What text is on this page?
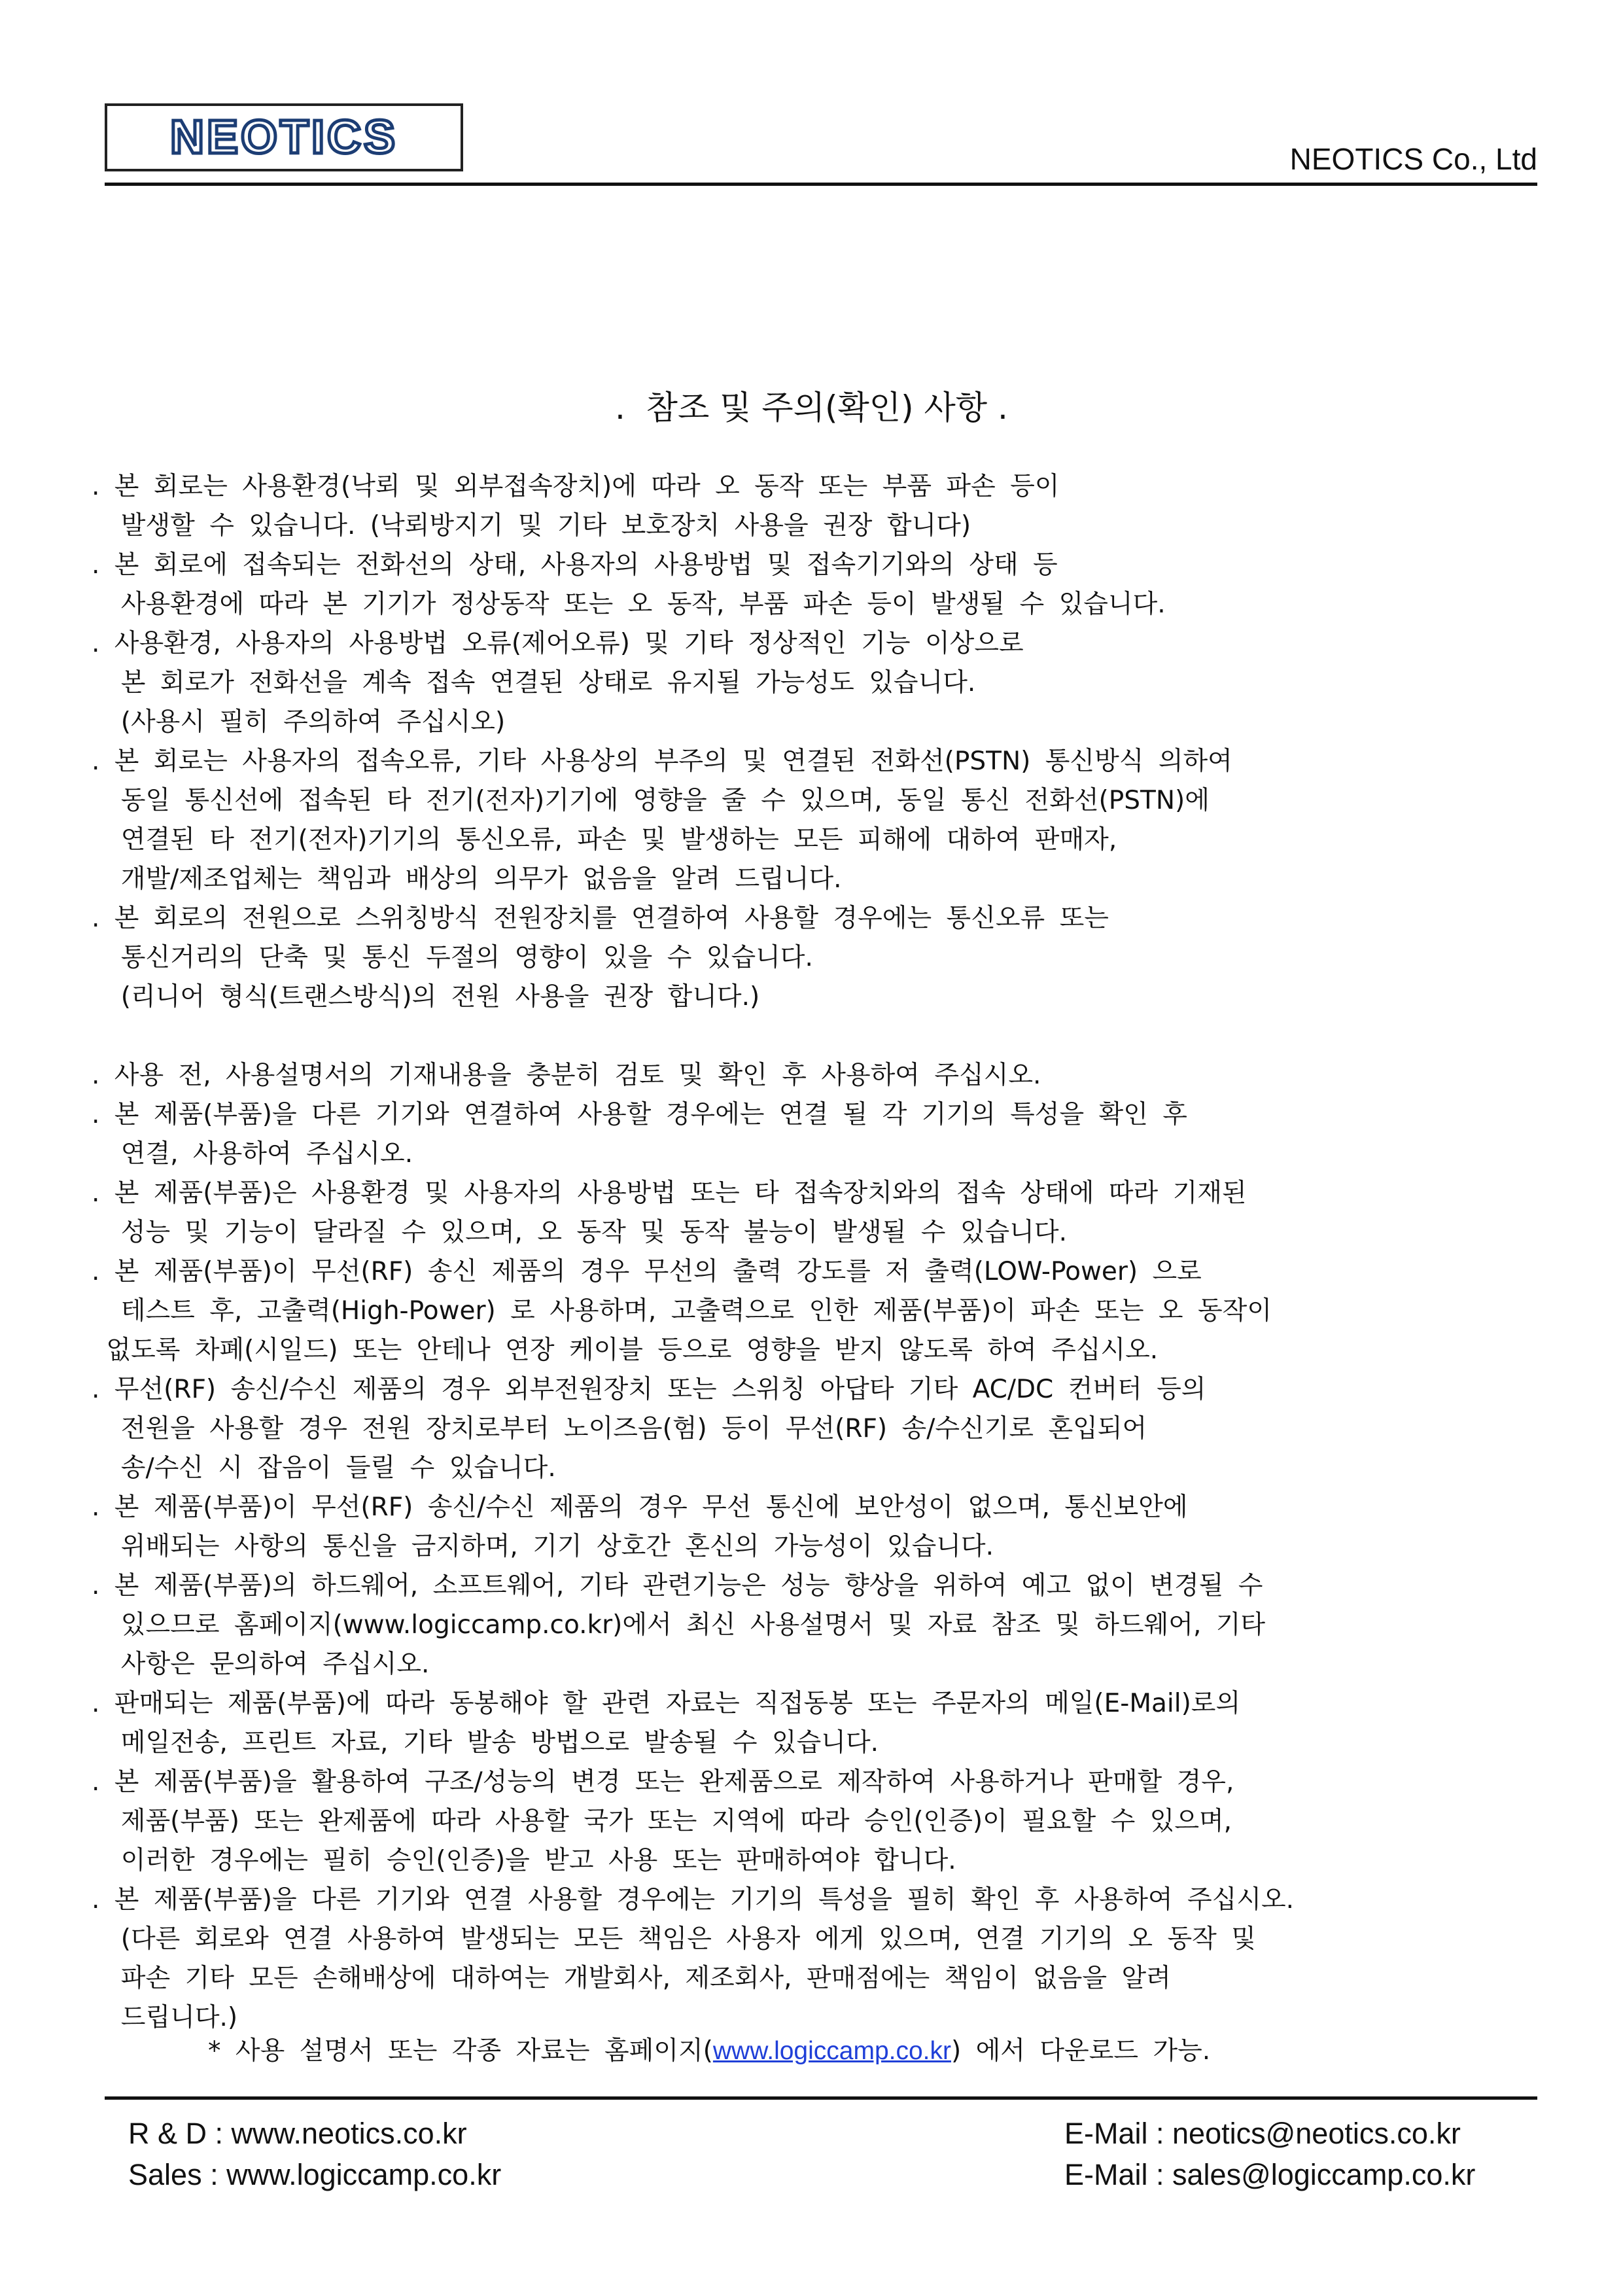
NEOTICS	NEOTICS Co., Ltd
.  참조 및 주의(확인) 사항 .
. 본 회로는 사용환경(낙뢰 및 외부접속장치)에 따라 오 동작 또는 부품 파손 등이
발생할 수 있습니다. (낙뢰방지기 및 기타 보호장치 사용을 권장 합니다)
. 본 회로에 접속되는 전화선의 상태, 사용자의 사용방법 및 접속기기와의 상태 등
사용환경에 따라 본 기기가 정상동작 또는 오 동작, 부품 파손 등이 발생될 수 있습니다.
. 사용환경, 사용자의 사용방법 오류(제어오류) 및 기타 정상적인 기능 이상으로
본 회로가 전화선을 계속 접속 연결된 상태로 유지될 가능성도 있습니다.
(사용시 필히 주의하여 주십시오)
. 본 회로는 사용자의 접속오류, 기타 사용상의 부주의 및 연결된 전화선(PSTN) 통신방식 의하여
동일 통신선에 접속된 타 전기(전자)기기에 영향을 줄 수 있으며, 동일 통신 전화선(PSTN)에
연결된 타 전기(전자)기기의 통신오류, 파손 및 발생하는 모든 피해에 대하여 판매자,
개발/제조업체는 책임과 배상의 의무가 없음을 알려 드립니다.
. 본 회로의 전원으로 스위칭방식 전원장치를 연결하여 사용할 경우에는 통신오류 또는
통신거리의 단축 및 통신 두절의 영향이 있을 수 있습니다.
(리니어 형식(트랜스방식)의 전원 사용을 권장 합니다.)
. 사용 전, 사용설명서의 기재내용을 충분히 검토 및 확인 후 사용하여 주십시오.
. 본 제품(부품)을 다른 기기와 연결하여 사용할 경우에는 연결 될 각 기기의 특성을 확인 후
연결, 사용하여 주십시오.
. 본 제품(부품)은 사용환경 및 사용자의 사용방법 또는 타 접속장치와의 접속 상태에 따라 기재된
성능 및 기능이 달라질 수 있으며, 오 동작 및 동작 불능이 발생될 수 있습니다.
. 본 제품(부품)이 무선(RF) 송신 제품의 경우 무선의 출력 강도를 저 출력(LOW-Power) 으로
테스트 후, 고출력(High-Power) 로 사용하며, 고출력으로 인한 제품(부품)이 파손 또는 오 동작이
없도록 차폐(시일드) 또는 안테나 연장 케이블 등으로 영향을 받지 않도록 하여 주십시오.
. 무선(RF) 송신/수신 제품의 경우 외부전원장치 또는 스위칭 아답타 기타 AC/DC 컨버터 등의
전원을 사용할 경우 전원 장치로부터 노이즈음(험) 등이 무선(RF) 송/수신기로 혼입되어
송/수신 시 잡음이 들릴 수 있습니다.
. 본 제품(부품)이 무선(RF) 송신/수신 제품의 경우 무선 통신에 보안성이 없으며, 통신보안에
위배되는 사항의 통신을 금지하며, 기기 상호간 혼신의 가능성이 있습니다.
. 본 제품(부품)의 하드웨어, 소프트웨어, 기타 관련기능은 성능 향상을 위하여 예고 없이 변경될 수
있으므로 홈페이지(www.logiccamp.co.kr)에서 최신 사용설명서 및 자료 참조 및 하드웨어, 기타
사항은 문의하여 주십시오.
. 판매되는 제품(부품)에 따라 동봉해야 할 관련 자료는 직접동봉 또는 주문자의 메일(E-Mail)로의
메일전송, 프린트 자료, 기타 발송 방법으로 발송될 수 있습니다.
. 본 제품(부품)을 활용하여 구조/성능의 변경 또는 완제품으로 제작하여 사용하거나 판매할 경우,
제품(부품) 또는 완제품에 따라 사용할 국가 또는 지역에 따라 승인(인증)이 필요할 수 있으며,
이러한 경우에는 필히 승인(인증)을 받고 사용 또는 판매하여야 합니다.
. 본 제품(부품)을 다른 기기와 연결 사용할 경우에는 기기의 특성을 필히 확인 후 사용하여 주십시오.
(다른 회로와 연결 사용하여 발생되는 모든 책임은 사용자 에게 있으며, 연결 기기의 오 동작 및
파손 기타 모든 손해배상에 대하여는 개발회사, 제조회사, 판매점에는 책임이 없음을 알려
드립니다.)
* 사용 설명서 또는 각종 자료는 홈페이지(www.logiccamp.co.kr) 에서 다운로드 가능.
R & D : www.neotics.co.kr
Sales : www.logiccamp.co.kr
E-Mail : neotics@neotics.co.kr
E-Mail : sales@logiccamp.co.kr
